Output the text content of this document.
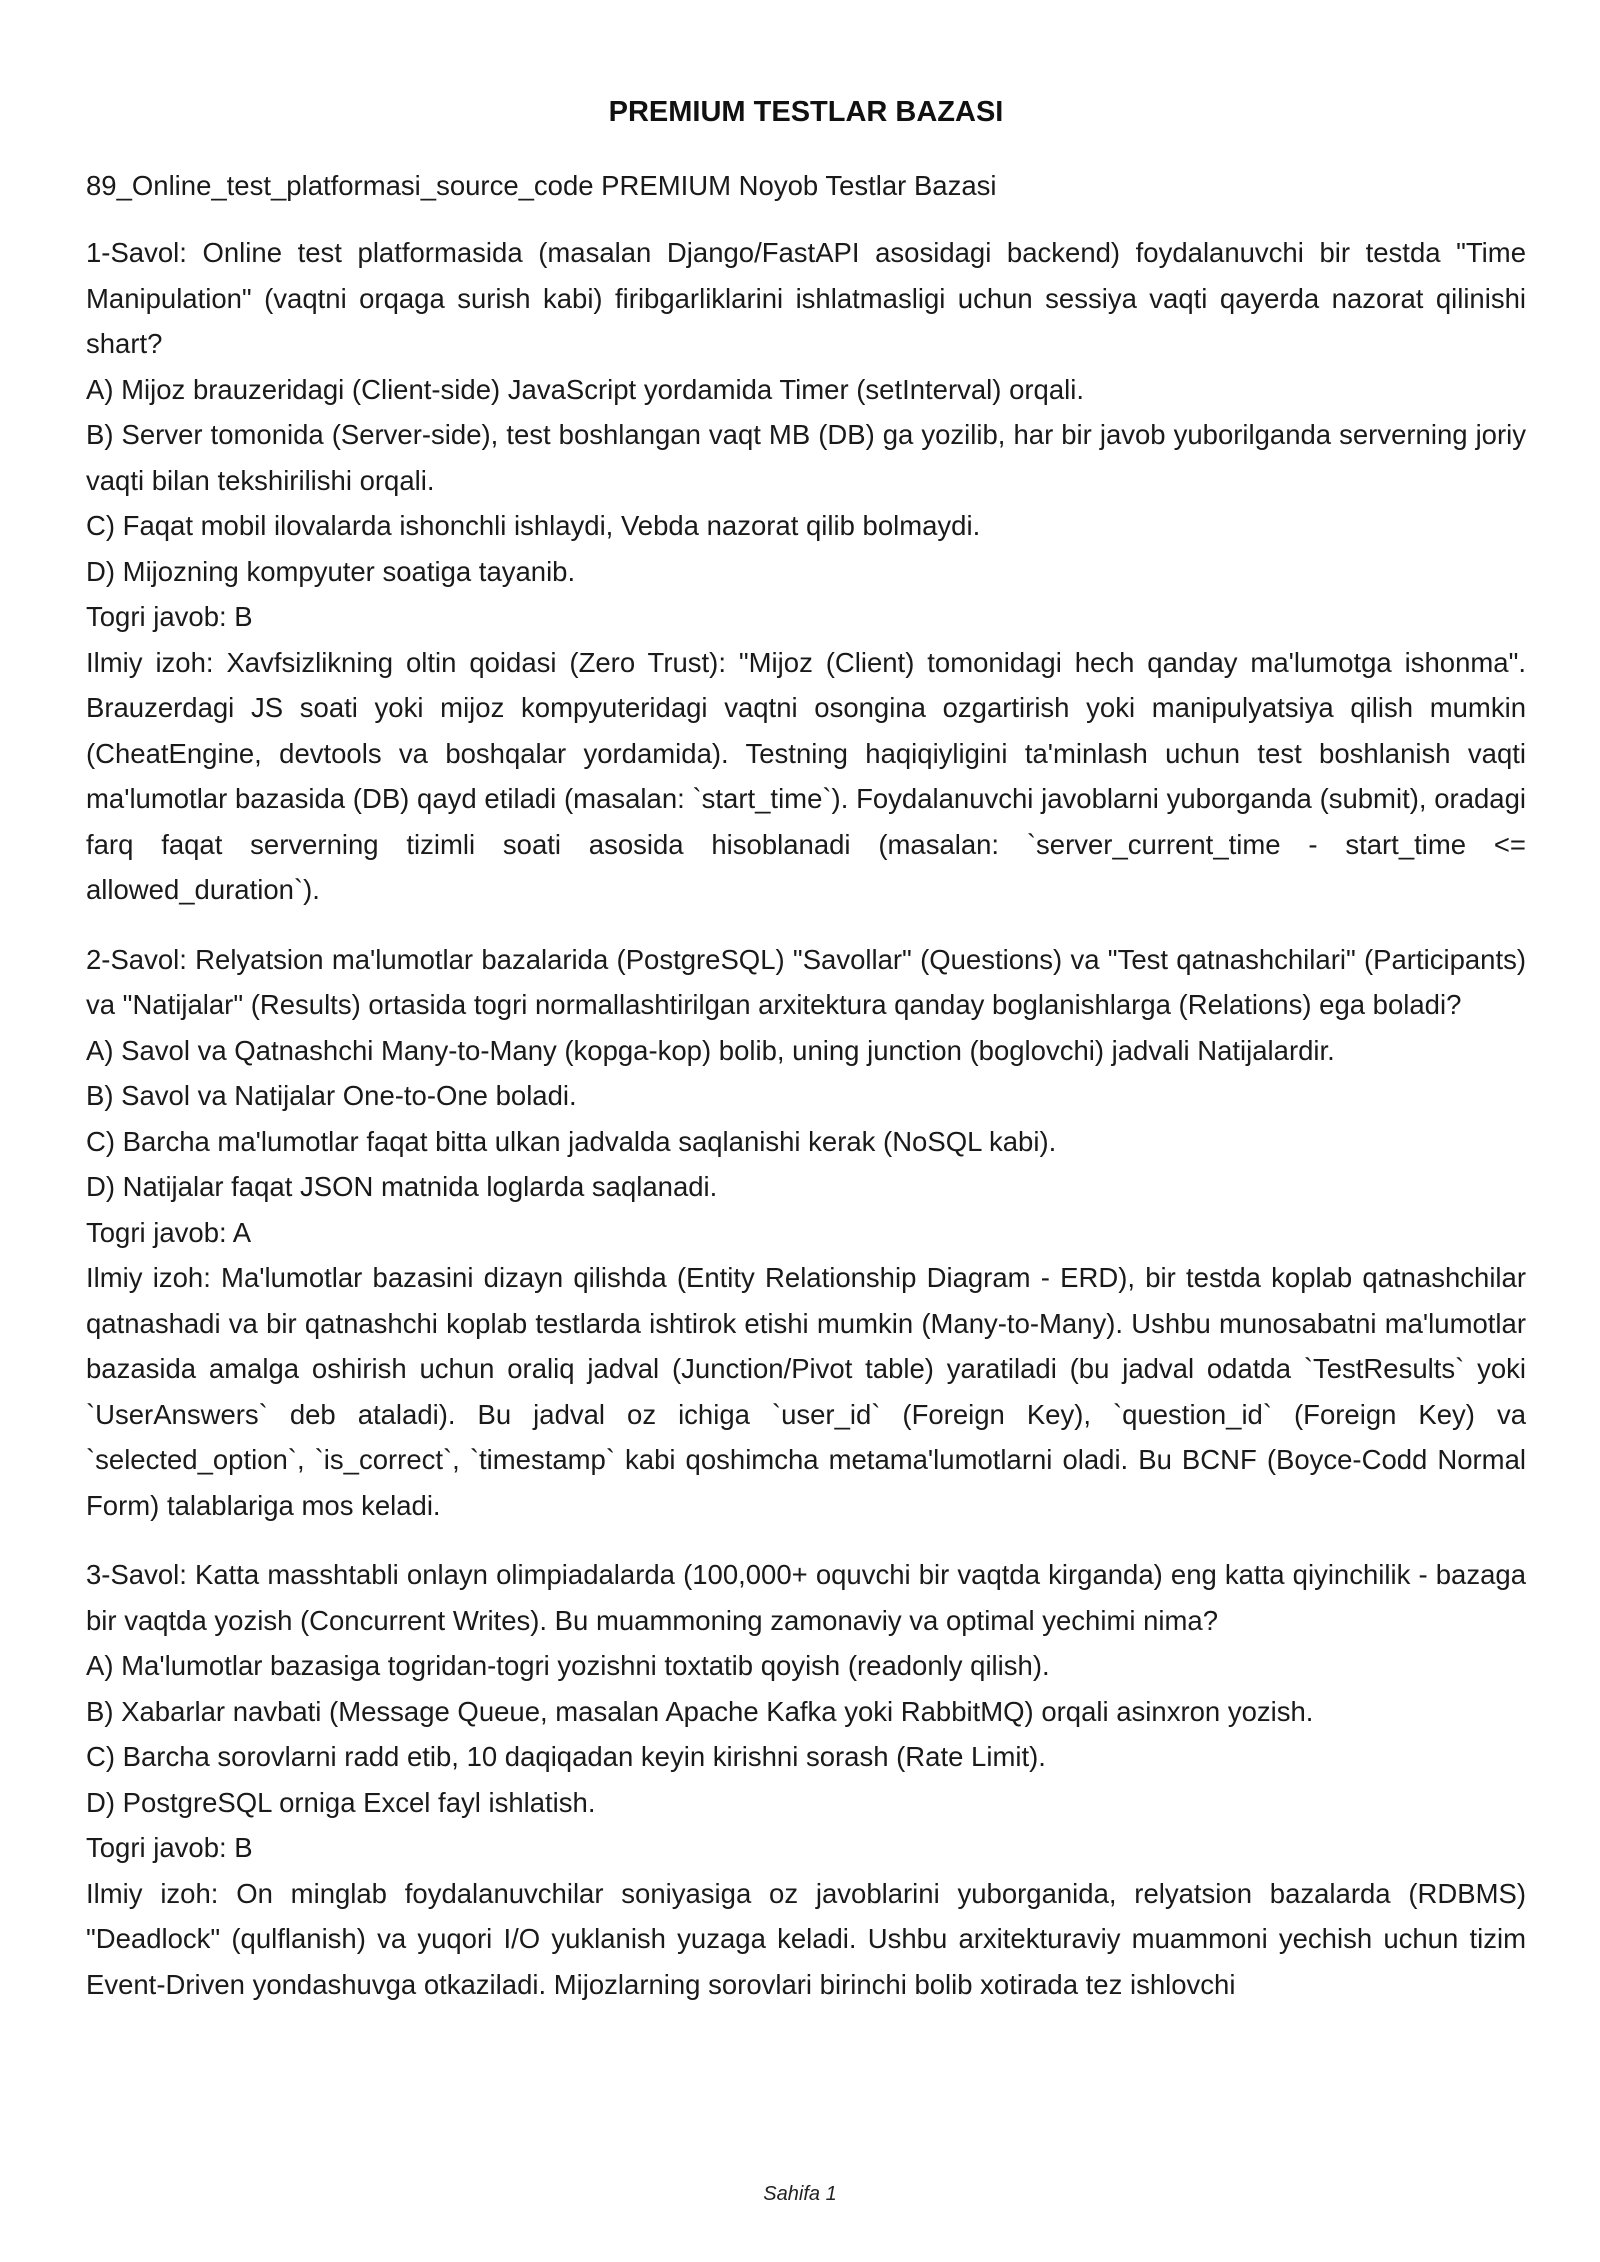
PREMIUM TESTLAR BAZASI

89_Online_test_platformasi_source_code PREMIUM Noyob Testlar Bazasi

1-Savol: Online test platformasida (masalan Django/FastAPI asosidagi backend) foydalanuvchi bir testda "Time Manipulation" (vaqtni orqaga surish kabi) firibgarliklarini ishlatmasligi uchun sessiya vaqti qayerda nazorat qilinishi shart?

A) Mijoz brauzeridagi (Client-side) JavaScript yordamida Timer (setInterval) orqali.

B) Server tomonida (Server-side), test boshlangan vaqt MB (DB) ga yozilib, har bir javob yuborilganda serverning joriy vaqti bilan tekshirilishi orqali.

C) Faqat mobil ilovalarda ishonchli ishlaydi, Vebda nazorat qilib bolmaydi.

D) Mijozning kompyuter soatiga tayanib.

Togri javob: B

Ilmiy izoh: Xavfsizlikning oltin qoidasi (Zero Trust): "Mijoz (Client) tomonidagi hech qanday ma'lumotga ishonma". Brauzerdagi JS soati yoki mijoz kompyuteridagi vaqtni osongina ozgartirish yoki manipulyatsiya qilish mumkin (CheatEngine, devtools va boshqalar yordamida). Testning haqiqiyligini ta'minlash uchun test boshlanish vaqti ma'lumotlar bazasida (DB) qayd etiladi (masalan: `start_time`). Foydalanuvchi javoblarni yuborganda (submit), oradagi farq faqat serverning tizimli soati asosida hisoblanadi (masalan: `server_current_time - start_time <= allowed_duration`).

2-Savol: Relyatsion ma'lumotlar bazalarida (PostgreSQL) "Savollar" (Questions) va "Test qatnashchilari" (Participants) va "Natijalar" (Results) ortasida togri normallashtirilgan arxitektura qanday boglanishlarga (Relations) ega boladi?

A) Savol va Qatnashchi Many-to-Many (kopga-kop) bolib, uning junction (boglovchi) jadvali Natijalardir.

B) Savol va Natijalar One-to-One boladi.

C) Barcha ma'lumotlar faqat bitta ulkan jadvalda saqlanishi kerak (NoSQL kabi).

D) Natijalar faqat JSON matnida loglarda saqlanadi.

Togri javob: A

Ilmiy izoh: Ma'lumotlar bazasini dizayn qilishda (Entity Relationship Diagram - ERD), bir testda koplab qatnashchilar qatnashadi va bir qatnashchi koplab testlarda ishtirok etishi mumkin (Many-to-Many). Ushbu munosabatni ma'lumotlar bazasida amalga oshirish uchun oraliq jadval (Junction/Pivot table) yaratiladi (bu jadval odatda `TestResults` yoki `UserAnswers` deb ataladi). Bu jadval oz ichiga `user_id` (Foreign Key), `question_id` (Foreign Key) va `selected_option`, `is_correct`, `timestamp` kabi qoshimcha metama'lumotlarni oladi. Bu BCNF (Boyce-Codd Normal Form) talablariga mos keladi.

3-Savol: Katta masshtabli onlayn olimpiadalarda (100,000+ oquvchi bir vaqtda kirganda) eng katta qiyinchilik - bazaga bir vaqtda yozish (Concurrent Writes). Bu muammoning zamonaviy va optimal yechimi nima?

A) Ma'lumotlar bazasiga togridan-togri yozishni toxtatib qoyish (readonly qilish).

B) Xabarlar navbati (Message Queue, masalan Apache Kafka yoki RabbitMQ) orqali asinxron yozish.

C) Barcha sorovlarni radd etib, 10 daqiqadan keyin kirishni sorash (Rate Limit).

D) PostgreSQL orniga Excel fayl ishlatish.

Togri javob: B

Ilmiy izoh: On minglab foydalanuvchilar soniyasiga oz javoblarini yuborganida, relyatsion bazalarda (RDBMS) "Deadlock" (qulflanish) va yuqori I/O yuklanish yuzaga keladi. Ushbu arxitekturaviy muammoni yechish uchun tizim Event-Driven yondashuvga otkaziladi. Mijozlarning sorovlari birinchi bolib xotirada tez ishlovchi

Sahifa 1
